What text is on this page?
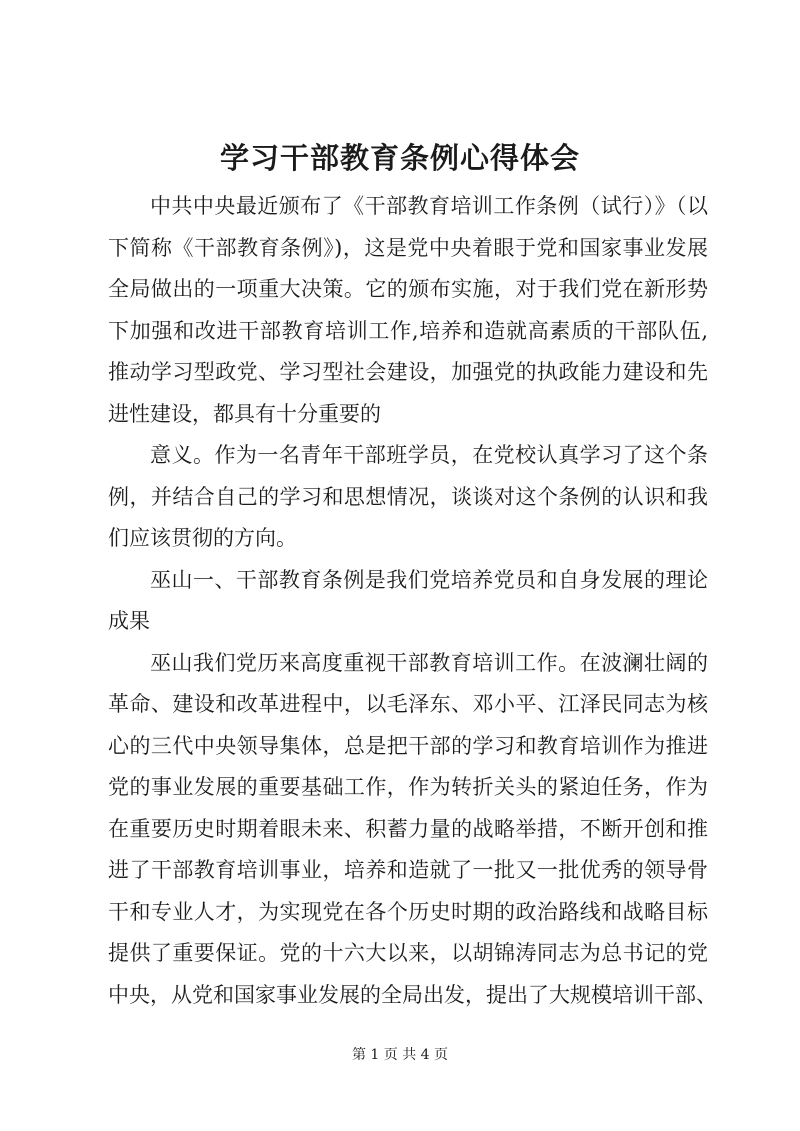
学习干部教育条例心得体会
中共中央最近颁布了《干部教育培训工作条例（试行）》（以
下简称《干部教育条例》)，这是党中央着眼于党和国家事业发展
全局做出的一项重大决策。它的颁布实施，对于我们党在新形势
下加强和改进干部教育培训工作,培养和造就高素质的干部队伍,
推动学习型政党、学习型社会建设，加强党的执政能力建设和先
进性建设，都具有十分重要的
意义。作为一名青年干部班学员，在党校认真学习了这个条
例，并结合自己的学习和思想情况，谈谈对这个条例的认识和我
们应该贯彻的方向。
巫山一、干部教育条例是我们党培养党员和自身发展的理论
成果
巫山我们党历来高度重视干部教育培训工作。在波澜壮阔的
革命、建设和改革进程中，以毛泽东、邓小平、江泽民同志为核
心的三代中央领导集体，总是把干部的学习和教育培训作为推进
党的事业发展的重要基础工作，作为转折关头的紧迫任务，作为
在重要历史时期着眼未来、积蓄力量的战略举措，不断开创和推
进了干部教育培训事业，培养和造就了一批又一批优秀的领导骨
干和专业人才，为实现党在各个历史时期的政治路线和战略目标
提供了重要保证。党的十六大以来，以胡锦涛同志为总书记的党
中央，从党和国家事业发展的全局出发，提出了大规模培训干部、
第 1 页 共 4 页
